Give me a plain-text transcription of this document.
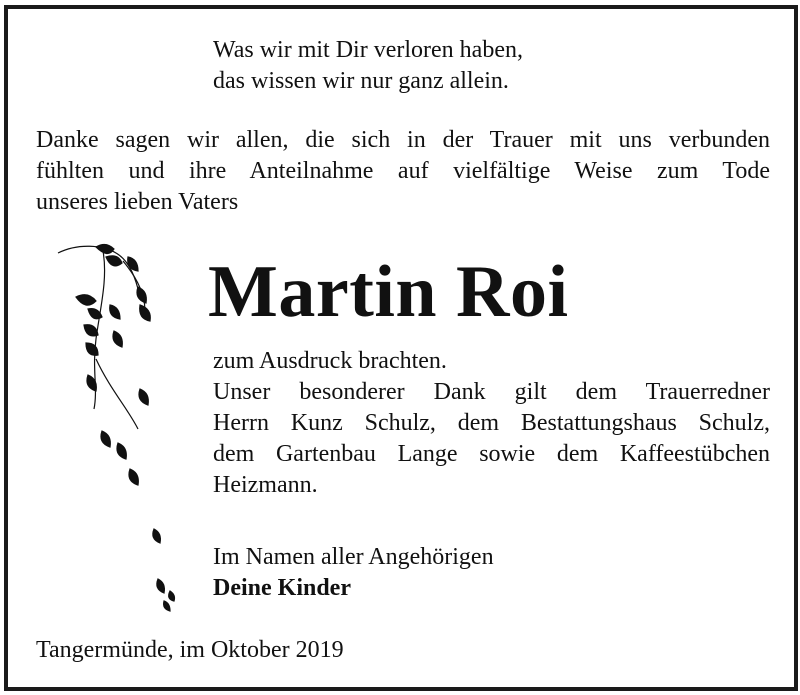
Was wir mit Dir verloren haben,
das wissen wir nur ganz allein.
Danke sagen wir allen, die sich in der Trauer mit uns verbunden
fühlten und ihre Anteilnahme auf vielfältige Weise zum Tode
unseres lieben Vaters
Martin Roi
zum Ausdruck brachten.
Unser besonderer Dank gilt dem Trauerredner
Herrn Kunz Schulz, dem Bestattungshaus Schulz,
dem Gartenbau Lange sowie dem Kaffeestübchen
Heizmann.
Im Namen aller Angehörigen
Deine Kinder
Tangermünde, im Oktober 2019
